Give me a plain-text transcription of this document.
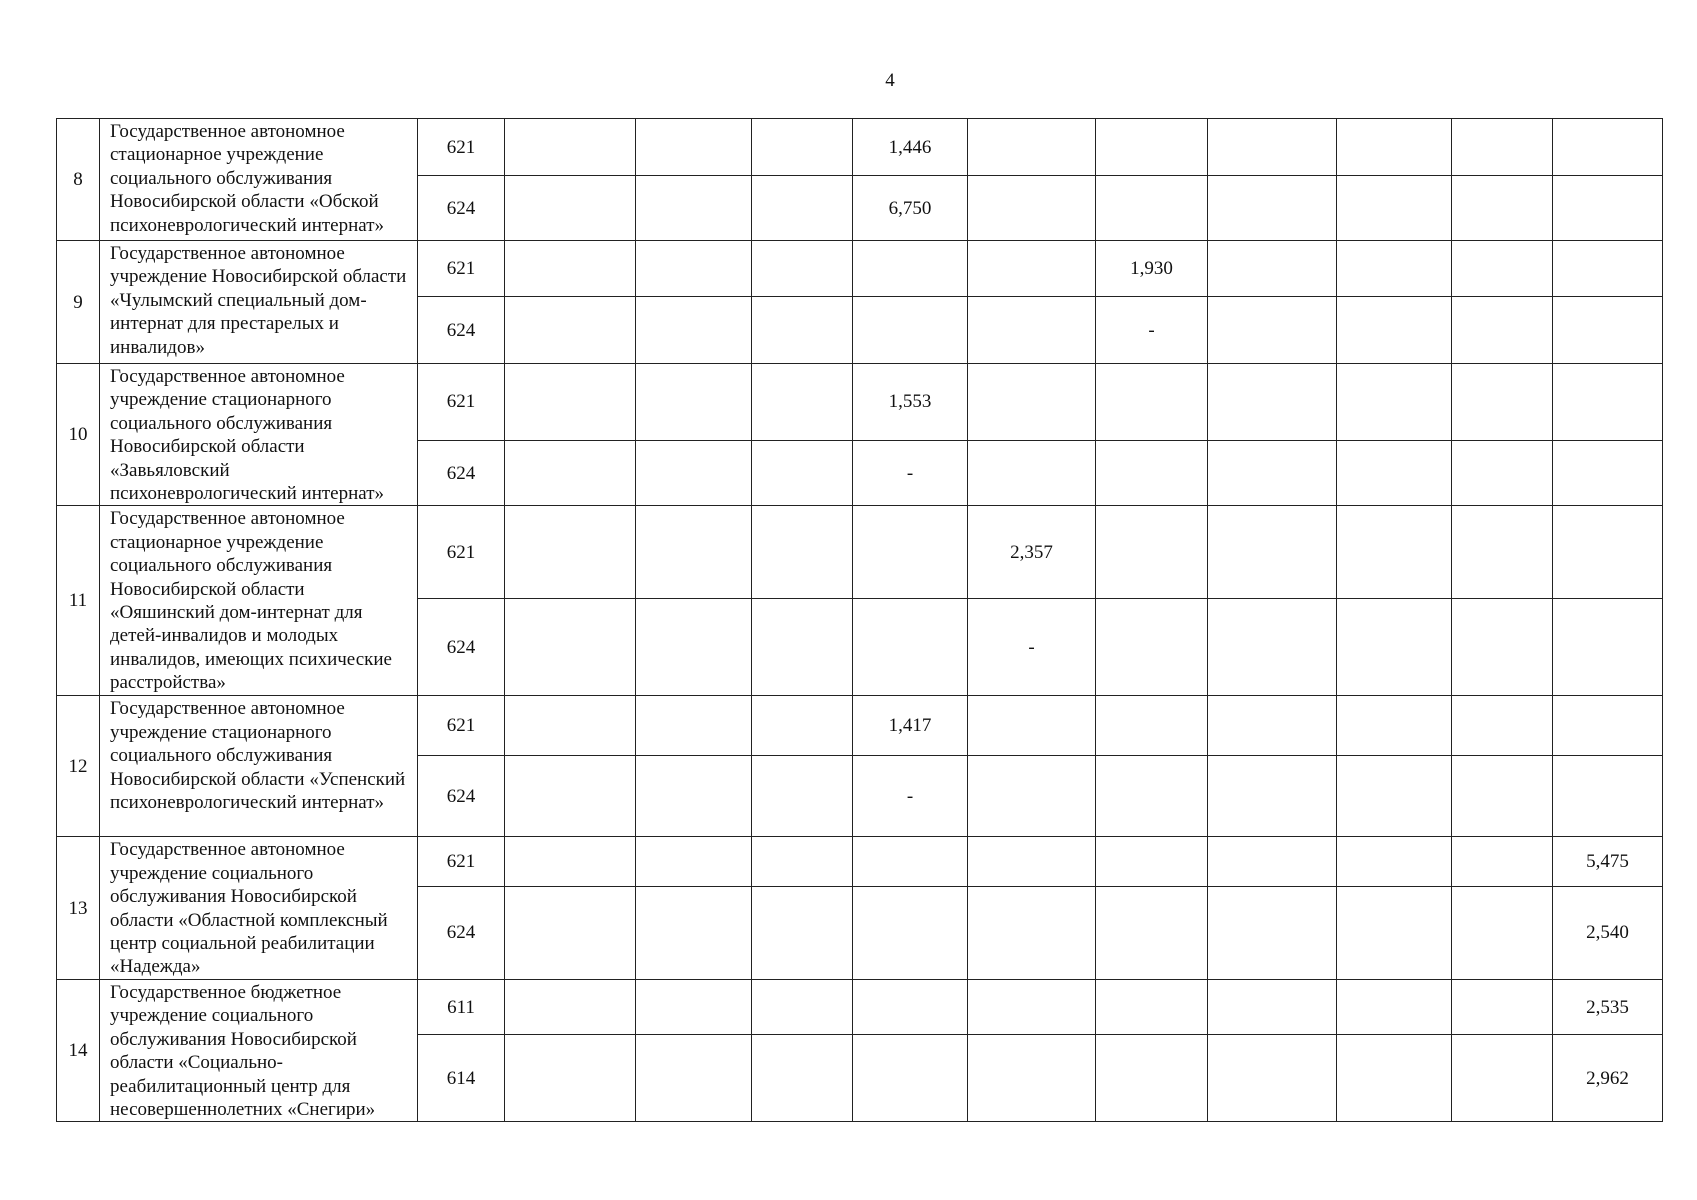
4
8	Государственное автономное стационарное учреждение социального обслуживания Новосибирской области «Обской психоневрологический интернат»	621				1,446						
		624				6,750						
9	Государственное автономное учреждение Новосибирской области «Чулымский специальный дом-интернат для престарелых и инвалидов»	621						1,930				
		624						-				
10	Государственное автономное учреждение стационарного социального обслуживания Новосибирской области «Завьяловский психоневрологический интернат»	621				1,553						
		624				-						
11	Государственное автономное стационарное учреждение социального обслуживания Новосибирской области «Ояшинский дом-интернат для детей-инвалидов и молодых инвалидов, имеющих психические расстройства»	621					2,357					
		624					-					
12	Государственное автономное учреждение стационарного социального обслуживания Новосибирской области «Успенский психоневрологический интернат»	621				1,417						
		624				-						
13	Государственное автономное учреждение социального обслуживания Новосибирской области «Областной комплексный центр социальной реабилитации «Надежда»	621										5,475
		624										2,540
14	Государственное бюджетное учреждение социального обслуживания Новосибирской области «Социально-реабилитационный центр для несовершеннолетних «Снегири»	611										2,535
		614										2,962
